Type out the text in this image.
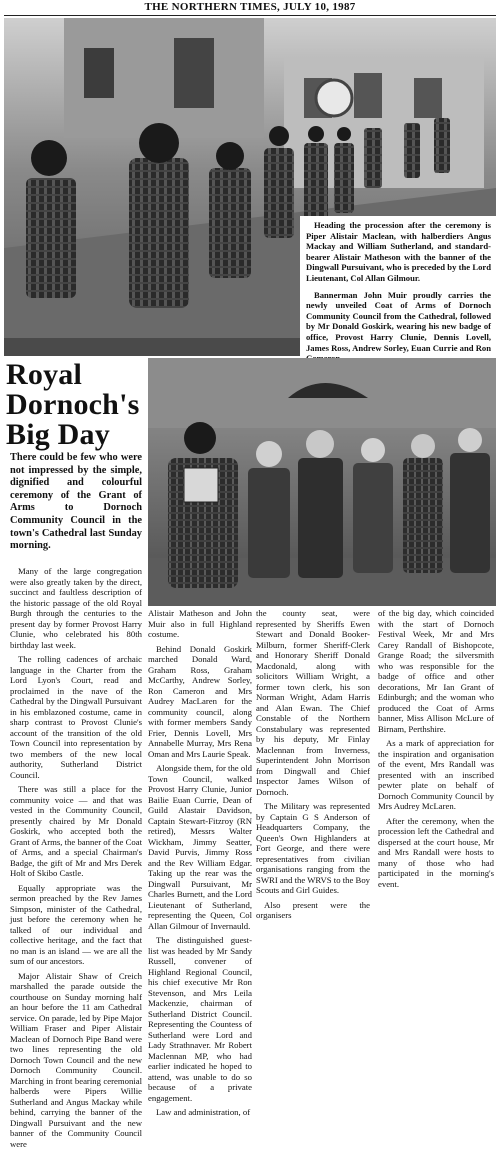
THE NORTHERN TIMES, JULY 10, 1987

Heading the procession after the ceremony is Piper Alistair Maclean, with halberdiers Angus Mackay and William Sutherland, and standard-bearer Alistair Matheson with the banner of the Dingwall Pursuivant, who is preceded by the Lord Lieutenant, Col Allan Gilmour.

Bannerman John Muir proudly carries the newly unveiled Coat of Arms of Dornoch Community Council from the Cathedral, followed by Mr Donald Goskirk, wearing his new badge of office, Provost Harry Clunie, Dennis Lovell, James Ross, Andrew Sorley, Euan Currie and Ron

Royal Dornoch's Big Day
There could be few who were not impressed by the simple, dignified and colourful ceremony of the Grant of Arms to Dornoch Community Council in the town's Cathedral last Sunday morning.

Many of the large congregation were also greatly taken by the direct, succinct and faultless description of the historic passage of the old Royal Burgh through the centuries to the present day by former Provost Harry Clunie, who celebrated his 80th birthday last week.

The rolling cadences of archaic language in the Charter from the Lord Lyon's Court, read and proclaimed in the nave of the Cathedral by the Dingwall Pursuivant in his emblazoned costume, came in sharp contrast to Provost Clunie's account of the transition of the old Town Council into representation by two members of the new local authority, Sutherland District Council.

There was still a place for the community voice — and that was vested in the Community Council, presently chaired by Mr Donald Goskirk, who accepted both the Grant of Arms, the banner of the Coat of Arms, and a special Chairman's Badge, the gift of Mr and Mrs Derek Holt of Skibo Castle.

Equally appropriate was the sermon preached by the Rev James Simpson, minister of the Cathedral, just before the ceremony when he talked of our individual and collective heritage, and the fact that no man is an island — we are all the sum of our ancestors.

Major Alistair Shaw of Creich marshalled the parade outside the courthouse on Sunday morning half an hour before the 11 am Cathedral service. On parade, led by Pipe Major William Fraser and Piper Alistair Maclean of Dornoch Pipe Band were two lines representing the old Dornoch Town Council and the new Dornoch Community Council. Marching in front bearing ceremonial halberds were Pipers Willie Sutherland and Angus Mackay while behind, carrying the banner of the Dingwall Pursuivant and the new banner of the Community Council were

Alistair Matheson and John Muir also in full Highland costume.

Behind Donald Goskirk marched Donald Ward, Graham Ross, Graham McCarthy, Andrew Sorley, Ron Cameron and Mrs Audrey MacLaren for the community council, along with former members Sandy Frier, Dennis Lovell, Mrs Annabelle Murray, Mrs Rena Oman and Mrs Laurie Speak.

Alongside them, for the old Town Council, walked Provost Harry Clunie, Junior Bailie Euan Currie, Dean of Guild Alastair Davidson, Captain Stewart-Fitzroy (RN retired), Messrs Walter Wickham, Jimmy Seatter, David Purvis, Jimmy Ross and the Rev William Edgar. Taking up the rear was the Dingwall Pursuivant, Mr Charles Burnett, and the Lord Lieutenant of Sutherland, representing the Queen, Col Allan Gilmour of Invernauld.

The distinguished guest-list was headed by Mr Sandy Russell, convener of Highland Regional Council, his chief executive Mr Ron Stevenson, and Mrs Leila Mackenzie, chairman of Sutherland District Council. Representing the Countess of Sutherland were Lord and Lady Strathnaver. Mr Robert Maclennan MP, who had earlier indicated he hoped to attend, was unable to do so because of a private engagement.

Law and administration, of

the county seat, were represented by Sheriffs Ewen Stewart and Donald Booker-Milburn, former Sheriff-Clerk and Honorary Sheriff Donald Macdonald, along with solicitors William Wright, a former town clerk, his son Norman Wright, Adam Harris and Alan Ewan. The Chief Constable of the Northern Constabulary was represented by his deputy, Mr Finlay Maclennan from Inverness, Superintendent John Morrison from Dingwall and Chief Inspector James Wilson of Dornoch.

The Military was represented by Captain G S Anderson of Headquarters Company, the Queen's Own Highlanders at Fort George, and there were representatives from civilian organisations ranging from the SWRI and the WRVS to the Boy Scouts and Girl Guides.

Also present were the organisers

of the big day, which coincided with the start of Dornoch Festival Week, Mr and Mrs Carey Randall of Bishopcote, Grange Road; the silversmith who was responsible for the badge of office and other decorations, Mr Ian Grant of Edinburgh; and the woman who produced the Coat of Arms banner, Miss Allison McLure of Birnam, Perthshire.

As a mark of appreciation for the inspiration and organisation of the event, Mrs Randall was presented with an inscribed pewter plate on behalf of Dornoch Community Council by Mrs Audrey McLaren.

After the ceremony, when the procession left the Cathedral and dispersed at the court house, Mr and Mrs Randall were hosts to many of those who had participated in the morning's event.
